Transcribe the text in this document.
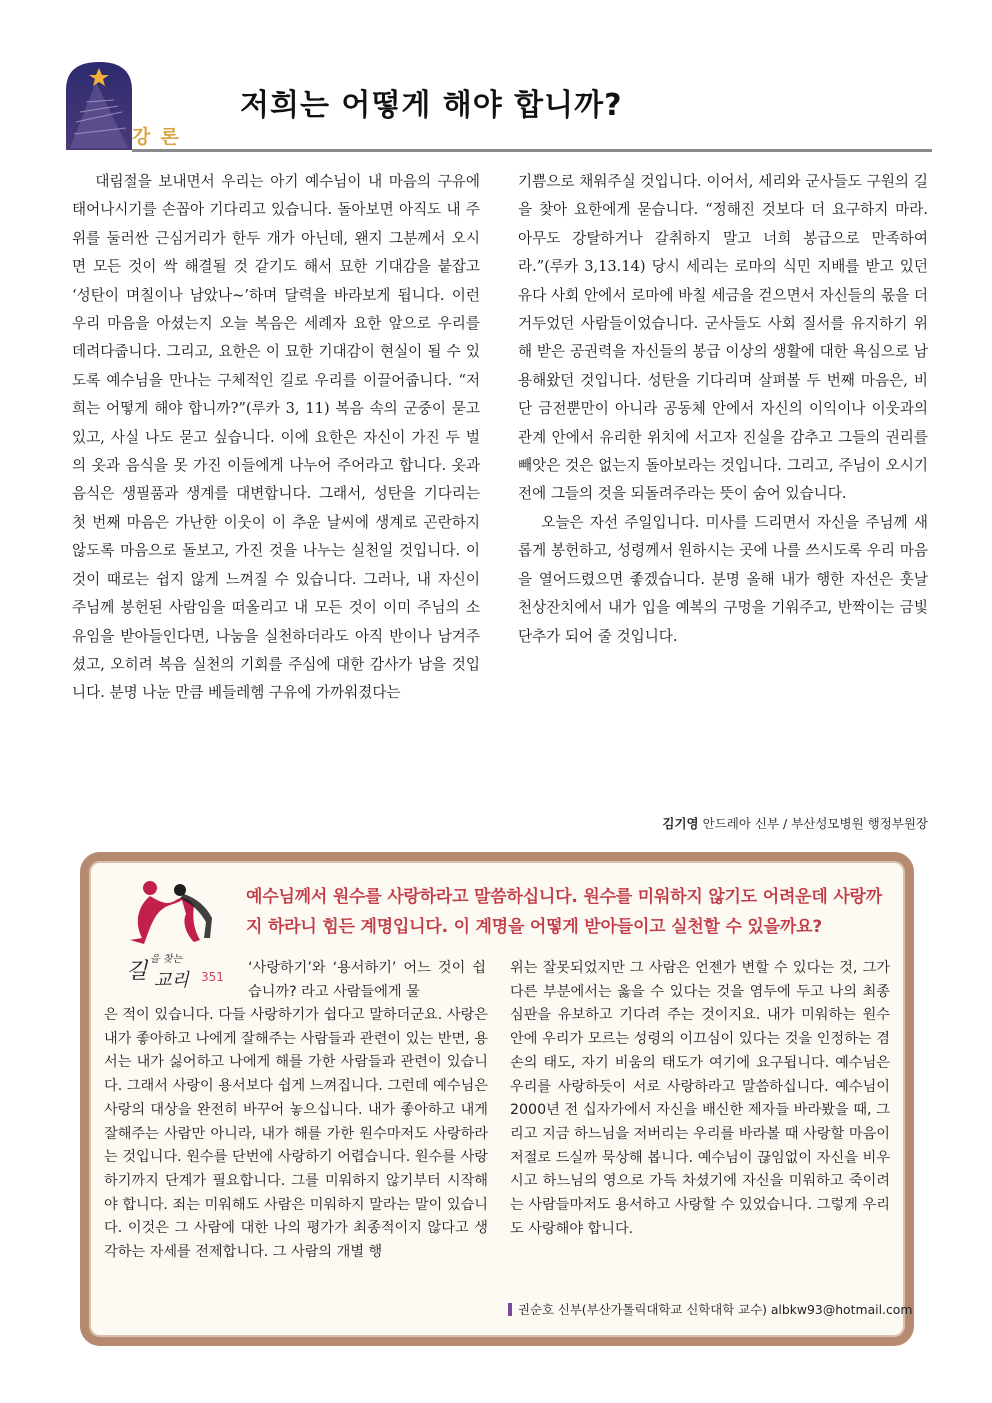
강론
저희는 어떻게 해야 합니까?

대림절을 보내면서 우리는 아기 예수님이 내 마음의 구유에 태어나시기를 손꼽아 기다리고 있습니다. 돌아보면 아직도 내 주위를 둘러싼 근심거리가 한두 개가 아닌데, 왠지 그분께서 오시면 모든 것이 싹 해결될 것 같기도 해서 묘한 기대감을 붙잡고 ‘성탄이 며칠이나 남았나~’하며 달력을 바라보게 됩니다. 이런 우리 마음을 아셨는지 오늘 복음은 세례자 요한 앞으로 우리를 데려다줍니다. 그리고, 요한은 이 묘한 기대감이 현실이 될 수 있도록 예수님을 만나는 구체적인 길로 우리를 이끌어줍니다. “저희는 어떻게 해야 합니까?”(루카 3, 11) 복음 속의 군중이 묻고 있고, 사실 나도 묻고 싶습니다. 이에 요한은 자신이 가진 두 벌의 옷과 음식을 못 가진 이들에게 나누어 주어라고 합니다. 옷과 음식은 생필품과 생계를 대변합니다. 그래서, 성탄을 기다리는 첫 번째 마음은 가난한 이웃이 이 추운 날씨에 생계로 곤란하지 않도록 마음으로 돌보고, 가진 것을 나누는 실천일 것입니다. 이것이 때로는 쉽지 않게 느껴질 수 있습니다. 그러나, 내 자신이 주님께 봉헌된 사람임을 떠올리고 내 모든 것이 이미 주님의 소유임을 받아들인다면, 나눔을 실천하더라도 아직 반이나 남겨주셨고, 오히려 복음 실천의 기회를 주심에 대한 감사가 남을 것입니다. 분명 나눈 만큼 베들레헴 구유에 가까워졌다는

기쁨으로 채워주실 것입니다. 이어서, 세리와 군사들도 구원의 길을 찾아 요한에게 묻습니다. “정해진 것보다 더 요구하지 마라. 아무도 강탈하거나 갈취하지 말고 너희 봉급으로 만족하여라.”(루카 3,13.14) 당시 세리는 로마의 식민 지배를 받고 있던 유다 사회 안에서 로마에 바칠 세금을 걷으면서 자신들의 몫을 더 거두었던 사람들이었습니다. 군사들도 사회 질서를 유지하기 위해 받은 공권력을 자신들의 봉급 이상의 생활에 대한 욕심으로 남용해왔던 것입니다. 성탄을 기다리며 살펴볼 두 번째 마음은, 비단 금전뿐만이 아니라 공동체 안에서 자신의 이익이나 이웃과의 관계 안에서 유리한 위치에 서고자 진실을 감추고 그들의 권리를 빼앗은 것은 없는지 돌아보라는 것입니다. 그리고, 주님이 오시기 전에 그들의 것을 되돌려주라는 뜻이 숨어 있습니다.

오늘은 자선 주일입니다. 미사를 드리면서 자신을 주님께 새롭게 봉헌하고, 성령께서 원하시는 곳에 나를 쓰시도록 우리 마음을 열어드렸으면 좋겠습니다. 분명 올해 내가 행한 자선은 훗날 천상잔치에서 내가 입을 예복의 구멍을 기워주고, 반짝이는 금빛 단추가 되어 줄 것입니다.

김기영 안드레아 신부 / 부산성모병원 행정부원장
길 을 찾는
교리 351
예수님께서 원수를 사랑하라고 말씀하십니다. 원수를 미워하지 않기도 어려운데 사랑까지 하라니 힘든 계명입니다. 이 계명을 어떻게 받아들이고 실천할 수 있을까요?
‘사랑하기’와 ‘용서하기’ 어느 것이 쉽습니까? 라고 사람들에게 물
은 적이 있습니다. 다들 사랑하기가 쉽다고 말하더군요. 사랑은 내가 좋아하고 나에게 잘해주는 사람들과 관련이 있는 반면, 용서는 내가 싫어하고 나에게 해를 가한 사람들과 관련이 있습니다. 그래서 사랑이 용서보다 쉽게 느껴집니다. 그런데 예수님은 사랑의 대상을 완전히 바꾸어 놓으십니다. 내가 좋아하고 내게 잘해주는 사람만 아니라, 내가 해를 가한 원수마저도 사랑하라는 것입니다. 원수를 단번에 사랑하기 어렵습니다. 원수를 사랑하기까지 단계가 필요합니다. 그를 미워하지 않기부터 시작해야 합니다. 죄는 미워해도 사람은 미워하지 말라는 말이 있습니다. 이것은 그 사람에 대한 나의 평가가 최종적이지 않다고 생각하는 자세를 전제합니다. 그 사람의 개별 행
위는 잘못되었지만 그 사람은 언젠가 변할 수 있다는 것, 그가 다른 부분에서는 옳을 수 있다는 것을 염두에 두고 나의 최종 심판을 유보하고 기다려 주는 것이지요. 내가 미워하는 원수 안에 우리가 모르는 성령의 이끄심이 있다는 것을 인정하는 겸손의 태도, 자기 비움의 태도가 여기에 요구됩니다. 예수님은 우리를 사랑하듯이 서로 사랑하라고 말씀하십니다. 예수님이 2000년 전 십자가에서 자신을 배신한 제자들 바라봤을 때, 그리고 지금 하느님을 저버리는 우리를 바라볼 때 사랑할 마음이 저절로 드실까 묵상해 봅니다. 예수님이 끊임없이 자신을 비우시고 하느님의 영으로 가득 차셨기에 자신을 미워하고 죽이려는 사람들마저도 용서하고 사랑할 수 있었습니다. 그렇게 우리도 사랑해야 합니다.
권순호 신부(부산가톨릭대학교 신학대학 교수) albkw93@hotmail.com
